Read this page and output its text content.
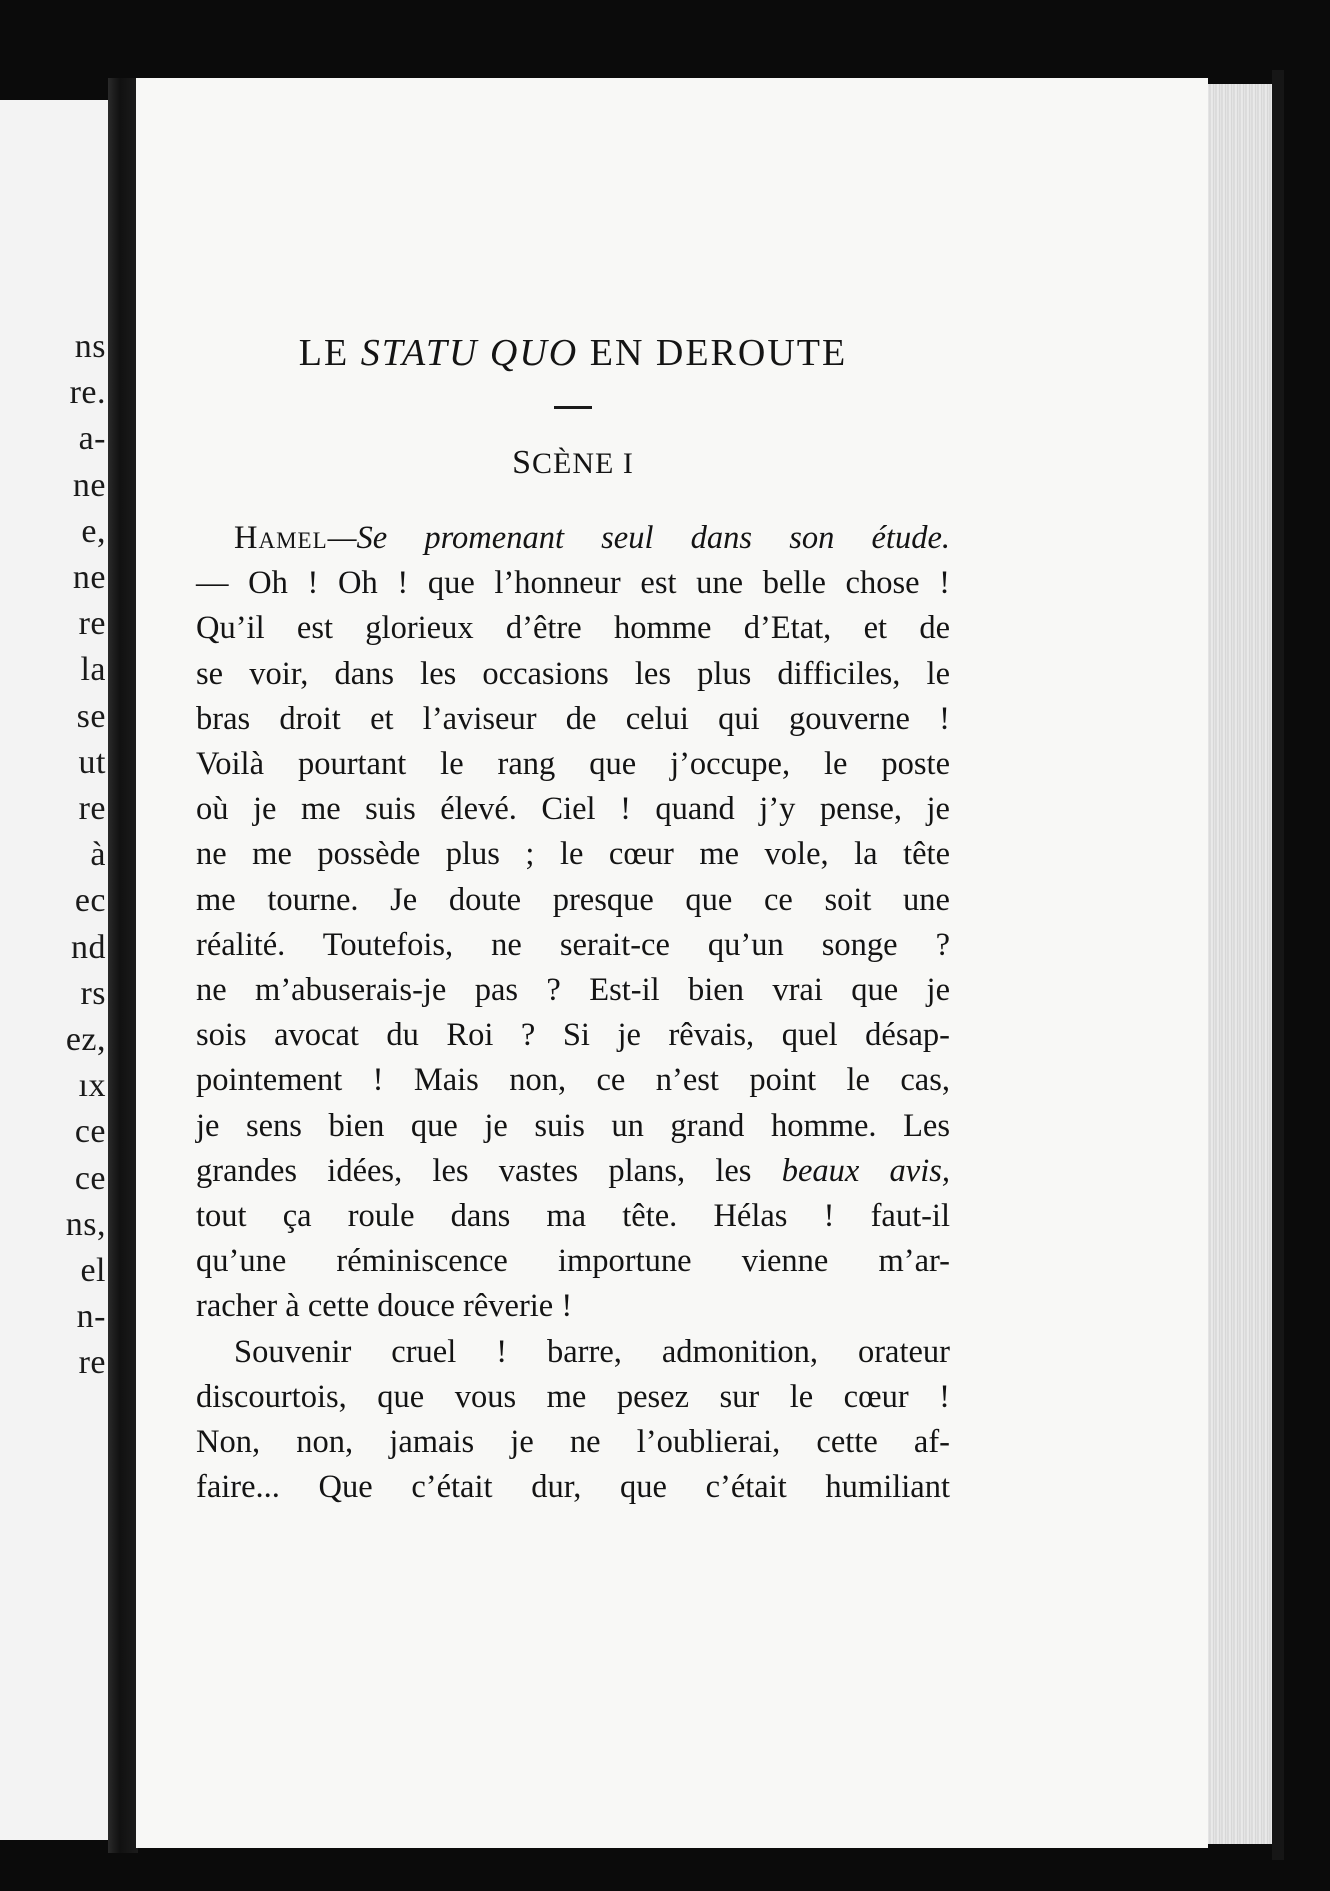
ns
re.
a-
ne
e,
ne
re
la
se
ut
re
à
ec
nd
rs
ez,
ıx
ce
ce
ns,
el
n-
re
LE STATU QUO EN DEROUTE
SCÈNE I
Hamel—Se promenant seul dans son étude.
— Oh ! Oh ! que l’honneur est une belle chose !
Qu’il est glorieux d’être homme d’Etat, et de
se voir, dans les occasions les plus difficiles, le
bras droit et l’aviseur de celui qui gouverne !
Voilà pourtant le rang que j’occupe, le poste
où je me suis élevé. Ciel ! quand j’y pense, je
ne me possède plus ; le cœur me vole, la tête
me tourne. Je doute presque que ce soit une
réalité. Toutefois, ne serait-ce qu’un songe ?
ne m’abuserais-je pas ? Est-il bien vrai que je
sois avocat du Roi ? Si je rêvais, quel désap-
pointement ! Mais non, ce n’est point le cas,
je sens bien que je suis un grand homme. Les
grandes idées, les vastes plans, les beaux avis,
tout ça roule dans ma tête. Hélas ! faut-il
qu’une réminiscence importune vienne m’ar-
racher à cette douce rêverie !
Souvenir cruel ! barre, admonition, orateur
discourtois, que vous me pesez sur le cœur !
Non, non, jamais je ne l’oublierai, cette af-
faire... Que c’était dur, que c’était humiliant
